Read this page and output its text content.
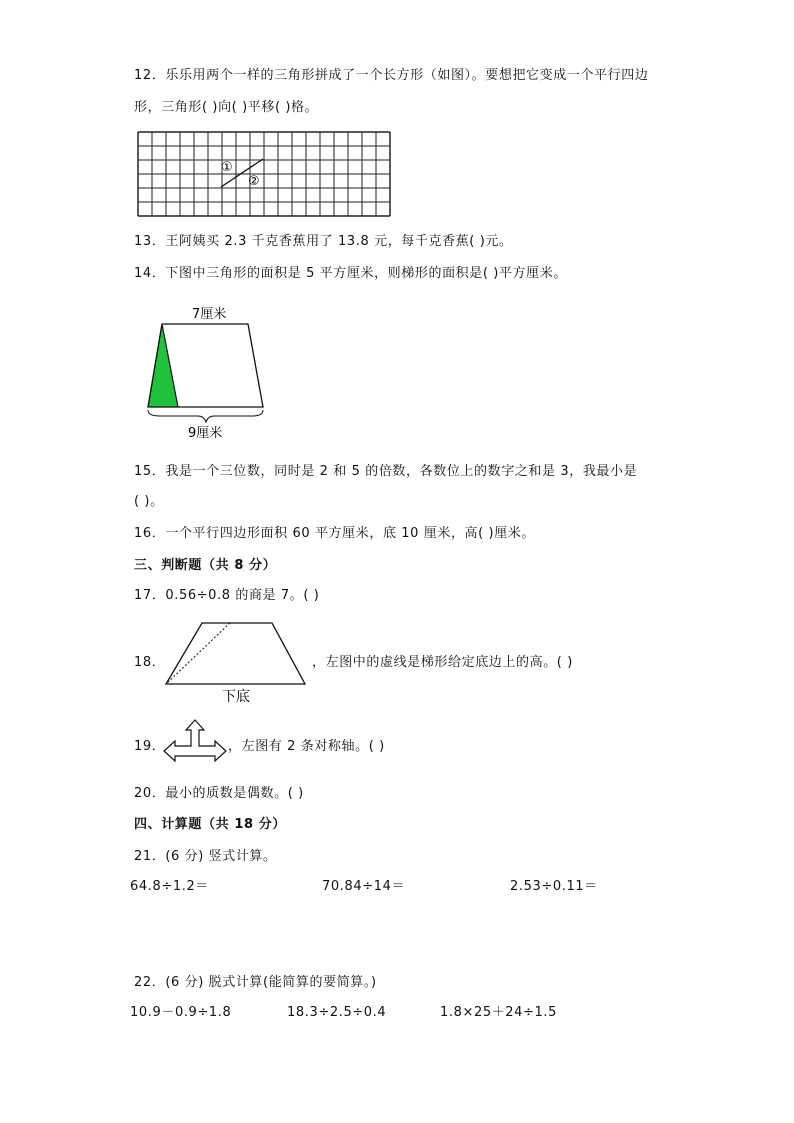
12．乐乐用两个一样的三角形拼成了一个长方形（如图）。要想把它变成一个平行四边
形，三角形( )向( )平移( )格。
①
②
13．王阿姨买 2.3 千克香蕉用了 13.8 元，每千克香蕉( )元。
14．下图中三角形的面积是 5 平方厘米，则梯形的面积是( )平方厘米。
7厘米
9厘米
15．我是一个三位数，同时是 2 和 5 的倍数，各数位上的数字之和是 3，我最小是
( )。
16．一个平行四边形面积 60 平方厘米，底 10 厘米，高( )厘米。
三、判断题（共 8 分）
17．0.56÷0.8 的商是 7。( )
18．
下底
，左图中的虚线是梯形给定底边上的高。( )
19．	，左图有 2 条对称轴。( )
20．最小的质数是偶数。( )
四、计算题（共 18 分）
21．(6 分) 竖式计算。
64.8÷1.2＝	70.84÷14＝	2.53÷0.11＝
22．(6 分) 脱式计算(能简算的要简算。)
10.9－0.9÷1.8	18.3÷2.5÷0.4	1.8×25＋24÷1.5
